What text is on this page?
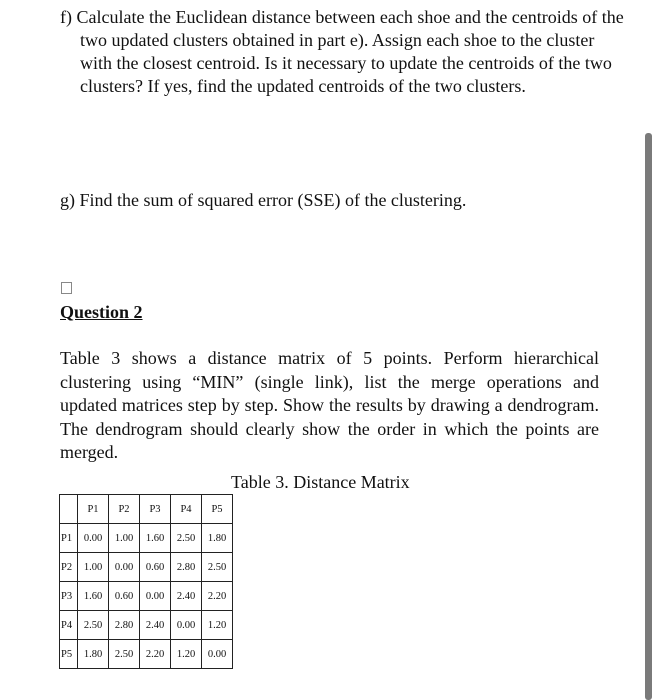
f) Calculate the Euclidean distance between each shoe and the centroids of the two updated clusters obtained in part e). Assign each shoe to the cluster with the closest centroid. Is it necessary to update the centroids of the two clusters? If yes, find the updated centroids of the two clusters.

g) Find the sum of squared error (SSE) of the clustering.

Question 2

Table 3 shows a distance matrix of 5 points. Perform hierarchical clustering using “MIN” (single link), list the merge operations and updated matrices step by step. Show the results by drawing a dendrogram. The dendrogram should clearly show the order in which the points are merged.

Table 3. Distance Matrix

	P1	P2	P3	P4	P5
P1	0.00	1.00	1.60	2.50	1.80
P2	1.00	0.00	0.60	2.80	2.50
P3	1.60	0.60	0.00	2.40	2.20
P4	2.50	2.80	2.40	0.00	1.20
P5	1.80	2.50	2.20	1.20	0.00
